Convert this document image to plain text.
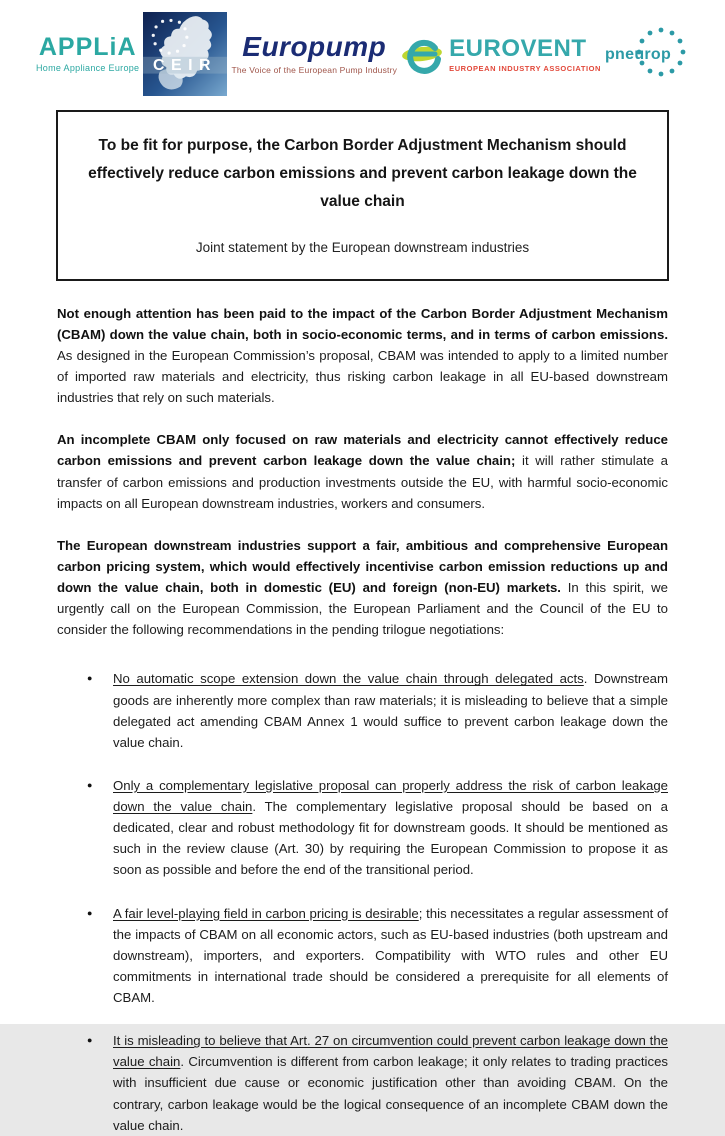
APPLiA
Home Appliance Europe CEIR
Europump
The Voice of the European Pump Industry
EUROVENT
EUROPEAN INDUSTRY ASSOCIATION
pneurop
To be fit for purpose, the Carbon Border Adjustment Mechanism should effectively reduce carbon emissions and prevent carbon leakage down the value chain
Joint statement by the European downstream industries

Not enough attention has been paid to the impact of the Carbon Border Adjustment Mechanism (CBAM) down the value chain, both in socio-economic terms, and in terms of carbon emissions. As designed in the European Commission’s proposal, CBAM was intended to apply to a limited number of imported raw materials and electricity, thus risking carbon leakage in all EU-based downstream industries that rely on such materials.

An incomplete CBAM only focused on raw materials and electricity cannot effectively reduce carbon emissions and prevent carbon leakage down the value chain; it will rather stimulate a transfer of carbon emissions and production investments outside the EU, with harmful socio-economic impacts on all European downstream industries, workers and consumers.

The European downstream industries support a fair, ambitious and comprehensive European carbon pricing system, which would effectively incentivise carbon emission reductions up and down the value chain, both in domestic (EU) and foreign (non-EU) markets. In this spirit, we urgently call on the European Commission, the European Parliament and the Council of the EU to consider the following recommendations in the pending trilogue negotiations:

● No automatic scope extension down the value chain through delegated acts. Downstream goods are inherently more complex than raw materials; it is misleading to believe that a simple delegated act amending CBAM Annex 1 would suffice to prevent carbon leakage down the value chain.
● Only a complementary legislative proposal can properly address the risk of carbon leakage down the value chain. The complementary legislative proposal should be based on a dedicated, clear and robust methodology fit for downstream goods. It should be mentioned as such in the review clause (Art. 30) by requiring the European Commission to propose it as soon as possible and before the end of the transitional period.
● A fair level-playing field in carbon pricing is desirable; this necessitates a regular assessment of the impacts of CBAM on all economic actors, such as EU-based industries (both upstream and downstream), importers, and exporters. Compatibility with WTO rules and other EU commitments in international trade should be considered a prerequisite for all elements of CBAM.
● It is misleading to believe that Art. 27 on circumvention could prevent carbon leakage down the value chain. Circumvention is different from carbon leakage; it only relates to trading practices with insufficient due cause or economic justification other than avoiding CBAM. On the contrary, carbon leakage would be the logical consequence of an incomplete CBAM down the value chain.
